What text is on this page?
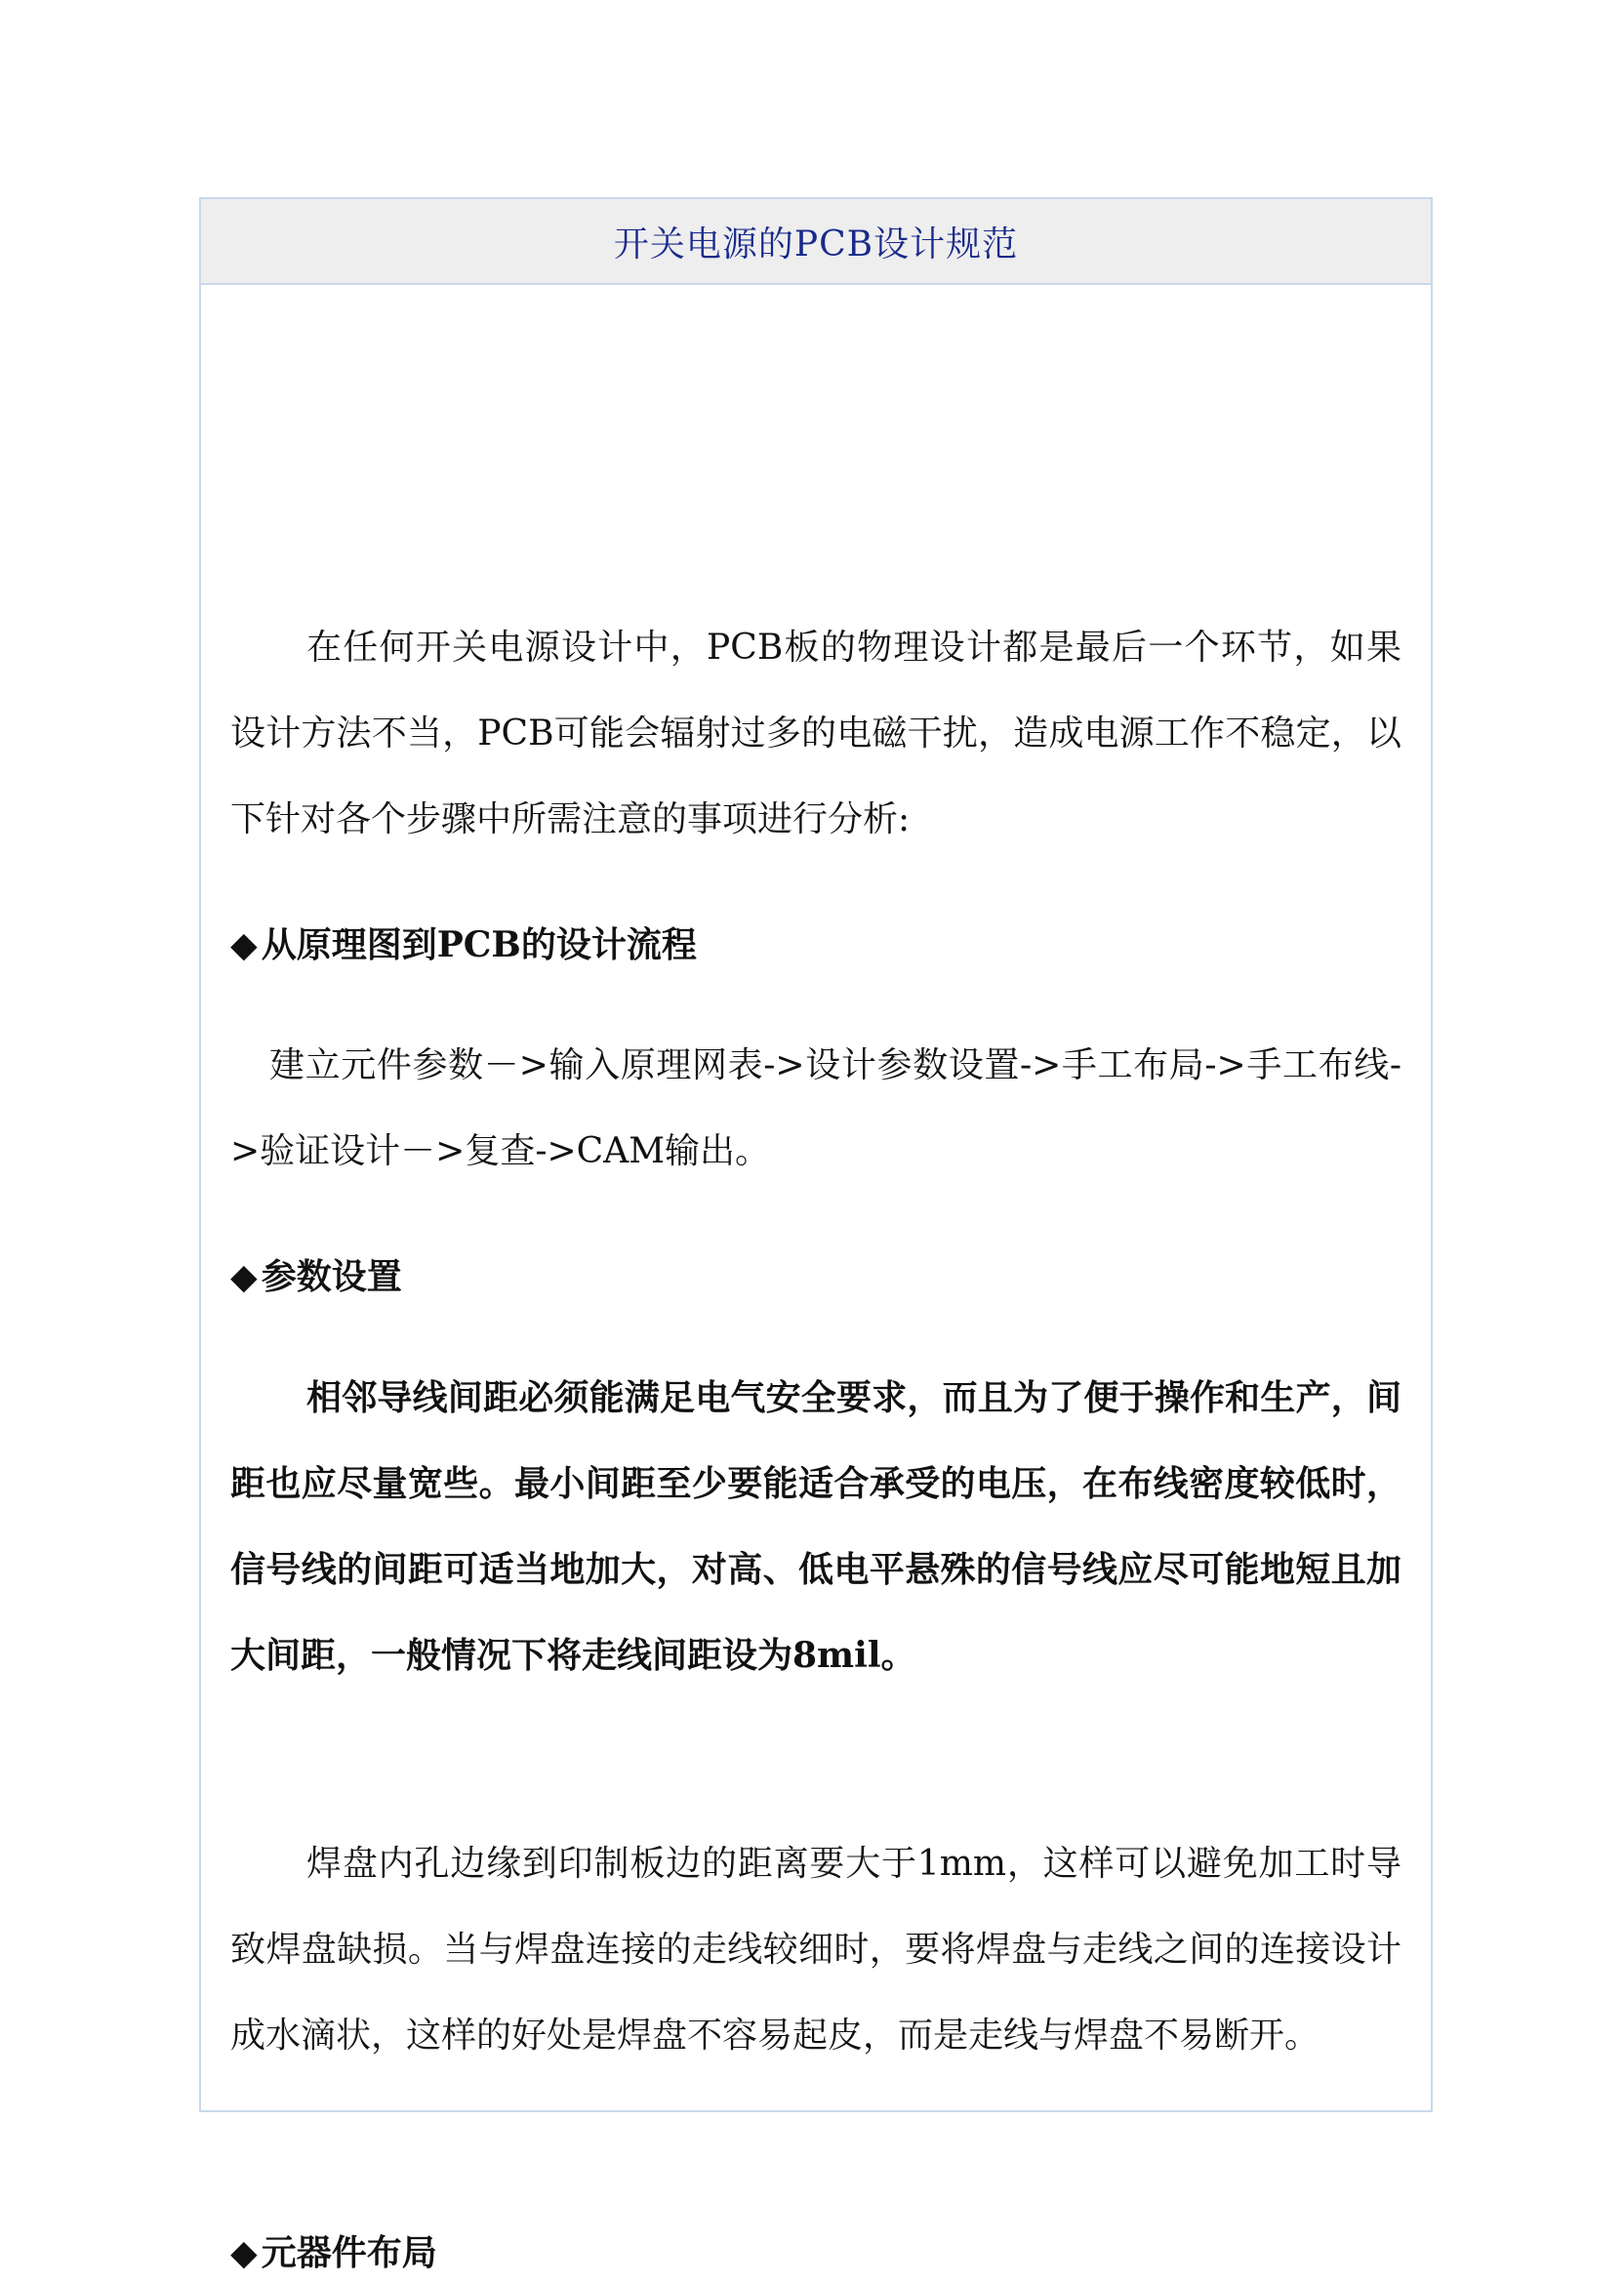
开关电源的PCB设计规范

在任何开关电源设计中，PCB板的物理设计都是最后一个环节，如果设计方法不当，PCB可能会辐射过多的电磁干扰，造成电源工作不稳定，以下针对各个步骤中所需注意的事项进行分析:

◆ 从原理图到PCB的设计流程

建立元件参数－>输入原理网表->设计参数设置->手工布局->手工布线->验证设计－>复查->CAM输出。

◆ 参数设置

相邻导线间距必须能满足电气安全要求，而且为了便于操作和生产，间距也应尽量宽些。最小间距至少要能适合承受的电压，在布线密度较低时，信号线的间距可适当地加大，对高、低电平悬殊的信号线应尽可能地短且加大间距，一般情况下将走线间距设为8mil。

焊盘内孔边缘到印制板边的距离要大于1mm，这样可以避免加工时导致焊盘缺损。当与焊盘连接的走线较细时，要将焊盘与走线之间的连接设计成水滴状，这样的好处是焊盘不容易起皮，而是走线与焊盘不易断开。

◆ 元器件布局
